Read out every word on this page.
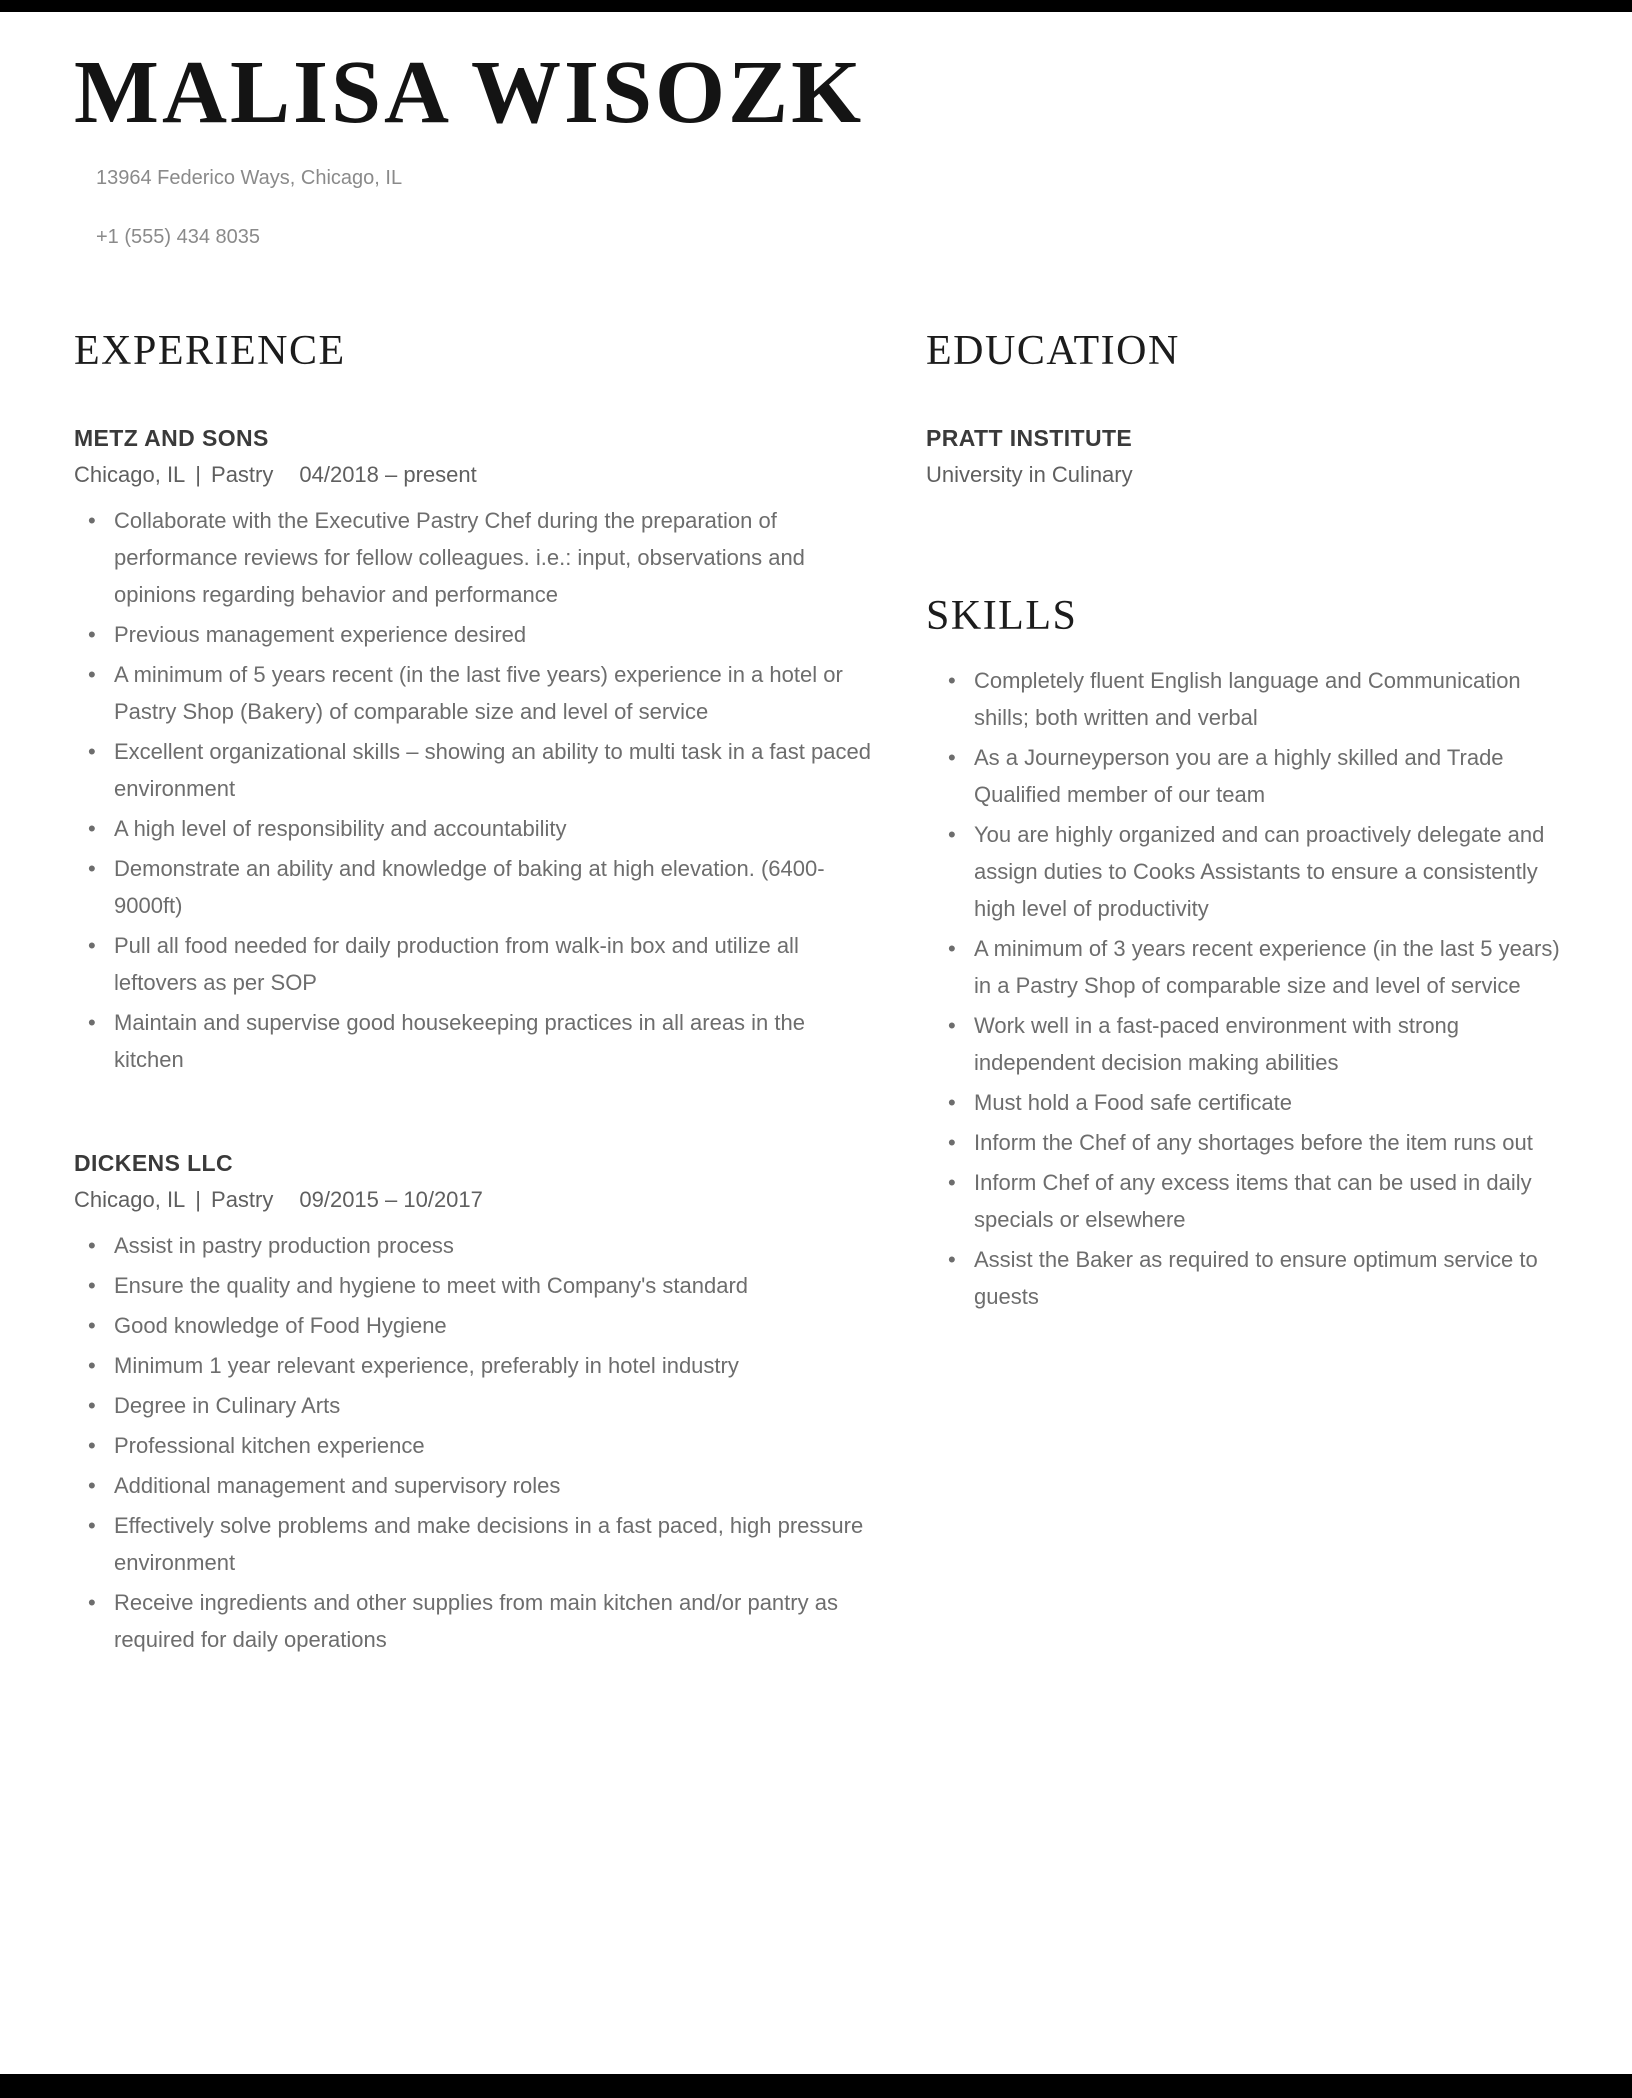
MALISA WISOZK
13964 Federico Ways, Chicago, IL
+1 (555) 434 8035
EXPERIENCE
METZ AND SONS
Chicago, IL | Pastry 04/2018 – present
• Collaborate with the Executive Pastry Chef during the preparation of performance reviews for fellow colleagues. i.e.: input, observations and opinions regarding behavior and performance
• Previous management experience desired
• A minimum of 5 years recent (in the last five years) experience in a hotel or Pastry Shop (Bakery) of comparable size and level of service
• Excellent organizational skills – showing an ability to multi task in a fast paced environment
• A high level of responsibility and accountability
• Demonstrate an ability and knowledge of baking at high elevation. (6400-9000ft)
• Pull all food needed for daily production from walk-in box and utilize all leftovers as per SOP
• Maintain and supervise good housekeeping practices in all areas in the kitchen
DICKENS LLC
Chicago, IL | Pastry 09/2015 – 10/2017
• Assist in pastry production process
• Ensure the quality and hygiene to meet with Company's standard
• Good knowledge of Food Hygiene
• Minimum 1 year relevant experience, preferably in hotel industry
• Degree in Culinary Arts
• Professional kitchen experience
• Additional management and supervisory roles
• Effectively solve problems and make decisions in a fast paced, high pressure environment
• Receive ingredients and other supplies from main kitchen and/or pantry as required for daily operations
EDUCATION
PRATT INSTITUTE
University in Culinary
SKILLS
• Completely fluent English language and Communication shills; both written and verbal
• As a Journeyperson you are a highly skilled and Trade Qualified member of our team
• You are highly organized and can proactively delegate and assign duties to Cooks Assistants to ensure a consistently high level of productivity
• A minimum of 3 years recent experience (in the last 5 years) in a Pastry Shop of comparable size and level of service
• Work well in a fast-paced environment with strong independent decision making abilities
• Must hold a Food safe certificate
• Inform the Chef of any shortages before the item runs out
• Inform Chef of any excess items that can be used in daily specials or elsewhere
• Assist the Baker as required to ensure optimum service to guests
